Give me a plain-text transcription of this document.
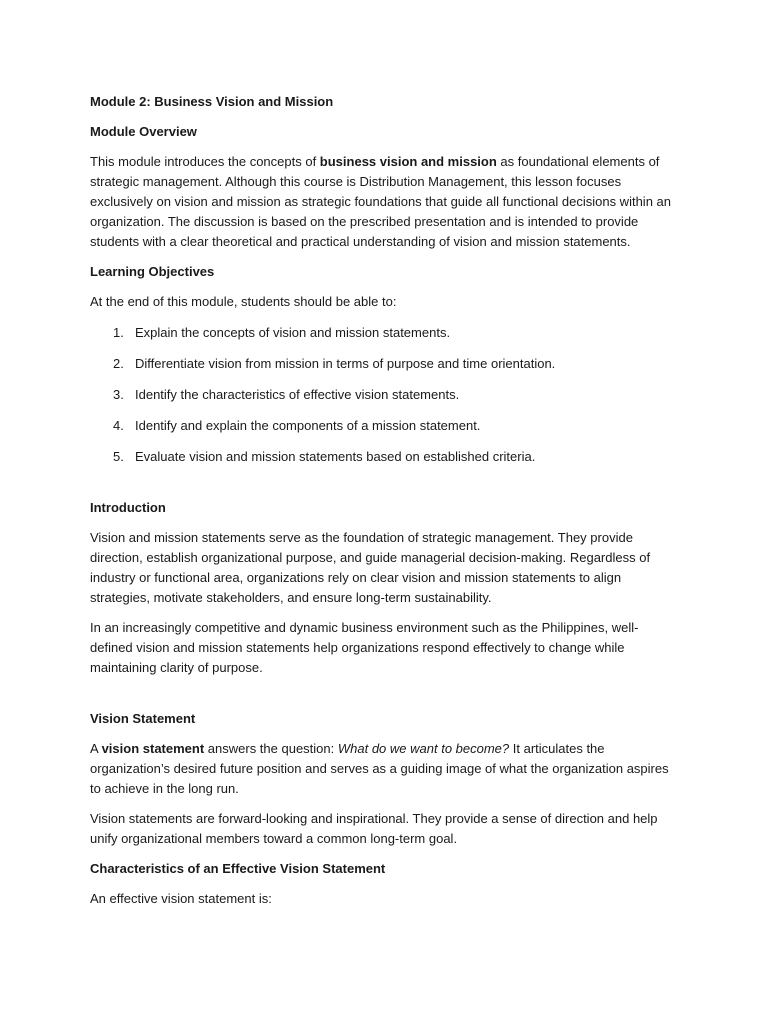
Module 2: Business Vision and Mission
Module Overview

This module introduces the concepts of business vision and mission as foundational elements of strategic management. Although this course is Distribution Management, this lesson focuses exclusively on vision and mission as strategic foundations that guide all functional decisions within an organization. The discussion is based on the prescribed presentation and is intended to provide students with a clear theoretical and practical understanding of vision and mission statements.

Learning Objectives

At the end of this module, students should be able to:

1. Explain the concepts of vision and mission statements.
2. Differentiate vision from mission in terms of purpose and time orientation.
3. Identify the characteristics of effective vision statements.
4. Identify and explain the components of a mission statement.
5. Evaluate vision and mission statements based on established criteria.
Introduction

Vision and mission statements serve as the foundation of strategic management. They provide direction, establish organizational purpose, and guide managerial decision-making. Regardless of industry or functional area, organizations rely on clear vision and mission statements to align strategies, motivate stakeholders, and ensure long-term sustainability.

In an increasingly competitive and dynamic business environment such as the Philippines, well-defined vision and mission statements help organizations respond effectively to change while maintaining clarity of purpose.

Vision Statement

A vision statement answers the question: What do we want to become? It articulates the organization’s desired future position and serves as a guiding image of what the organization aspires to achieve in the long run.

Vision statements are forward-looking and inspirational. They provide a sense of direction and help unify organizational members toward a common long-term goal.

Characteristics of an Effective Vision Statement

An effective vision statement is:
